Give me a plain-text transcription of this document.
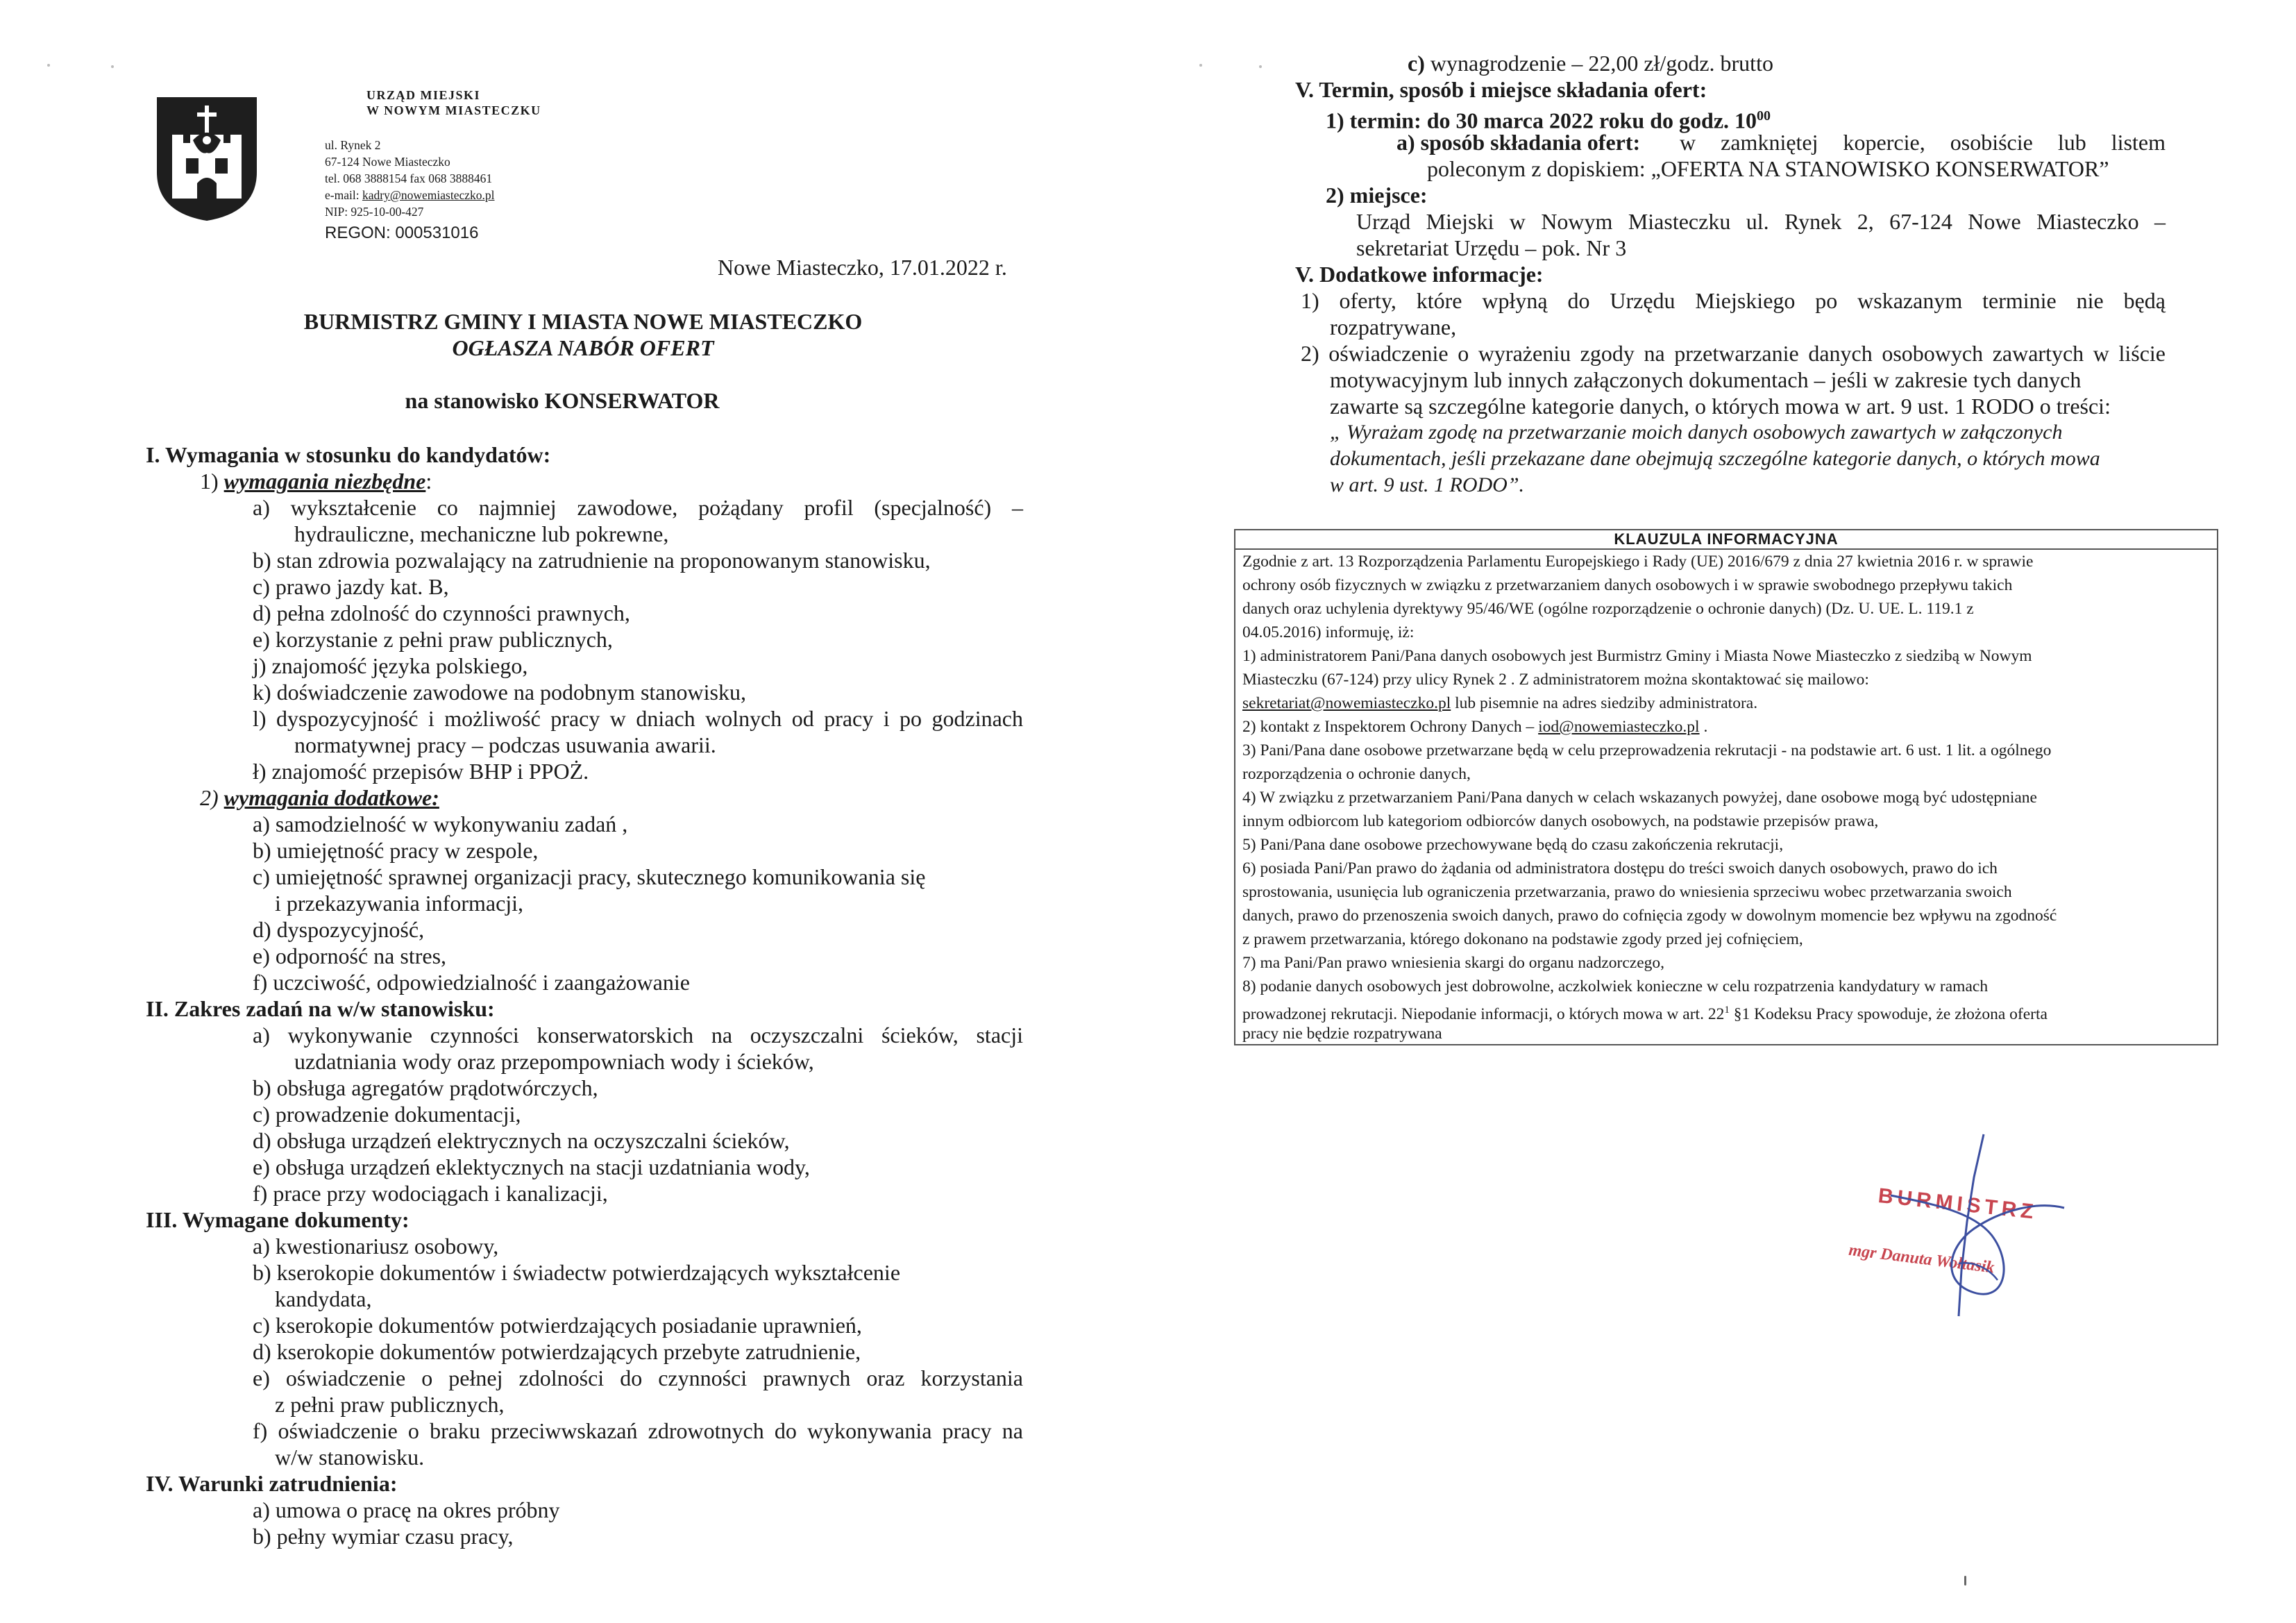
URZĄD MIEJSKI
W NOWYM MIASTECZKU
ul. Rynek 2
67-124 Nowe Miasteczko
tel. 068 3888154 fax 068 3888461
e-mail: kadry@nowemiasteczko.pl
NIP: 925-10-00-427
REGON: 000531016
Nowe Miasteczko, 17.01.2022 r.
BURMISTRZ GMINY I MIASTA NOWE MIASTECZKO
OGŁASZA NABÓR OFERT
na stanowisko KONSERWATOR
I. Wymagania w stosunku do kandydatów:
1) wymagania niezbędne:
a) wykształcenie co najmniej zawodowe, pożądany profil (specjalność) –
hydrauliczne, mechaniczne lub pokrewne,
b) stan zdrowia pozwalający na zatrudnienie na proponowanym stanowisku,
c) prawo jazdy kat. B,
d) pełna zdolność do czynności prawnych,
e) korzystanie z pełni praw publicznych,
j) znajomość języka polskiego,
k) doświadczenie zawodowe na podobnym stanowisku,
l) dyspozycyjność i możliwość pracy w dniach wolnych od pracy i po godzinach
normatywnej pracy – podczas usuwania awarii.
ł) znajomość przepisów BHP i PPOŻ.
2) wymagania dodatkowe:
a) samodzielność w wykonywaniu zadań ,
b) umiejętność pracy w zespole,
c) umiejętność sprawnej organizacji pracy, skutecznego komunikowania się
i przekazywania informacji,
d) dyspozycyjność,
e) odporność na stres,
f) uczciwość, odpowiedzialność i zaangażowanie
II. Zakres zadań na w/w stanowisku:
a) wykonywanie czynności konserwatorskich na oczyszczalni ścieków, stacji
uzdatniania wody oraz przepompowniach wody i ścieków,
b) obsługa agregatów prądotwórczych,
c) prowadzenie dokumentacji,
d) obsługa urządzeń elektrycznych na oczyszczalni ścieków,
e) obsługa urządzeń eklektycznych na stacji uzdatniania wody,
f) prace przy wodociągach i kanalizacji,
III. Wymagane dokumenty:
a) kwestionariusz osobowy,
b) kserokopie dokumentów i świadectw potwierdzających wykształcenie
kandydata,
c) kserokopie dokumentów potwierdzających posiadanie uprawnień,
d) kserokopie dokumentów potwierdzających przebyte zatrudnienie,
e) oświadczenie o pełnej zdolności do czynności prawnych oraz korzystania
z pełni praw publicznych,
f) oświadczenie o braku przeciwwskazań zdrowotnych do wykonywania pracy na
w/w stanowisku.
IV. Warunki zatrudnienia:
a) umowa o pracę na okres próbny
b) pełny wymiar czasu pracy,
c) wynagrodzenie – 22,00 zł/godz. brutto
V. Termin, sposób i miejsce składania ofert:
1) termin: do 30 marca 2022 roku do godz. $10^{00}$
a) sposób składania ofert: w zamkniętej kopercie, osobiście lub listem
poleconym z dopiskiem: „OFERTA NA STANOWISKO KONSERWATOR”
2) miejsce:
Urząd Miejski w Nowym Miasteczku ul. Rynek 2, 67-124 Nowe Miasteczko –
sekretariat Urzędu – pok. Nr 3
V. Dodatkowe informacje:
1) oferty, które wpłyną do Urzędu Miejskiego po wskazanym terminie nie będą
rozpatrywane,
2) oświadczenie o wyrażeniu zgody na przetwarzanie danych osobowych zawartych w liście
motywacyjnym lub innych załączonych dokumentach – jeśli w zakresie tych danych
zawarte są szczególne kategorie danych, o których mowa w art. 9 ust. 1 RODO o treści:
„ Wyrażam zgodę na przetwarzanie moich danych osobowych zawartych w załączonych
dokumentach, jeśli przekazane dane obejmują szczególne kategorie danych, o których mowa
w art. 9 ust. 1 RODO”.
KLAUZULA INFORMACYJNA
Zgodnie z art. 13 Rozporządzenia Parlamentu Europejskiego i Rady (UE) 2016/679 z dnia 27 kwietnia 2016 r. w sprawie
ochrony osób fizycznych w związku z przetwarzaniem danych osobowych i w sprawie swobodnego przepływu takich
danych oraz uchylenia dyrektywy 95/46/WE (ogólne rozporządzenie o ochronie danych) (Dz. U. UE. L. 119.1 z
04.05.2016) informuję, iż:
1) administratorem Pani/Pana danych osobowych jest Burmistrz Gminy i Miasta Nowe Miasteczko z siedzibą w Nowym
Miasteczku (67-124) przy ulicy Rynek 2 . Z administratorem można skontaktować się mailowo:
sekretariat@nowemiasteczko.pl lub pisemnie na adres siedziby administratora.
2) kontakt z Inspektorem Ochrony Danych – iod@nowemiasteczko.pl .
3) Pani/Pana dane osobowe przetwarzane będą w celu przeprowadzenia rekrutacji - na podstawie art. 6 ust. 1 lit. a ogólnego
rozporządzenia o ochronie danych,
4) W związku z przetwarzaniem Pani/Pana danych w celach wskazanych powyżej, dane osobowe mogą być udostępniane
innym odbiorcom lub kategoriom odbiorców danych osobowych, na podstawie przepisów prawa,
5) Pani/Pana dane osobowe przechowywane będą do czasu zakończenia rekrutacji,
6) posiada Pani/Pan prawo do żądania od administratora dostępu do treści swoich danych osobowych, prawo do ich
sprostowania, usunięcia lub ograniczenia przetwarzania, prawo do wniesienia sprzeciwu wobec przetwarzania swoich
danych, prawo do przenoszenia swoich danych, prawo do cofnięcia zgody w dowolnym momencie bez wpływu na zgodność
z prawem przetwarzania, którego dokonano na podstawie zgody przed jej cofnięciem,
7) ma Pani/Pan prawo wniesienia skargi do organu nadzorczego,
8) podanie danych osobowych jest dobrowolne, aczkolwiek konieczne w celu rozpatrzenia kandydatury w ramach
prowadzonej rekrutacji. Niepodanie informacji, o których mowa w art. $22^1$ §1 Kodeksu Pracy spowoduje, że złożona oferta
pracy nie będzie rozpatrywana
BURMISTRZ
mgr Danuta Wołtasik
